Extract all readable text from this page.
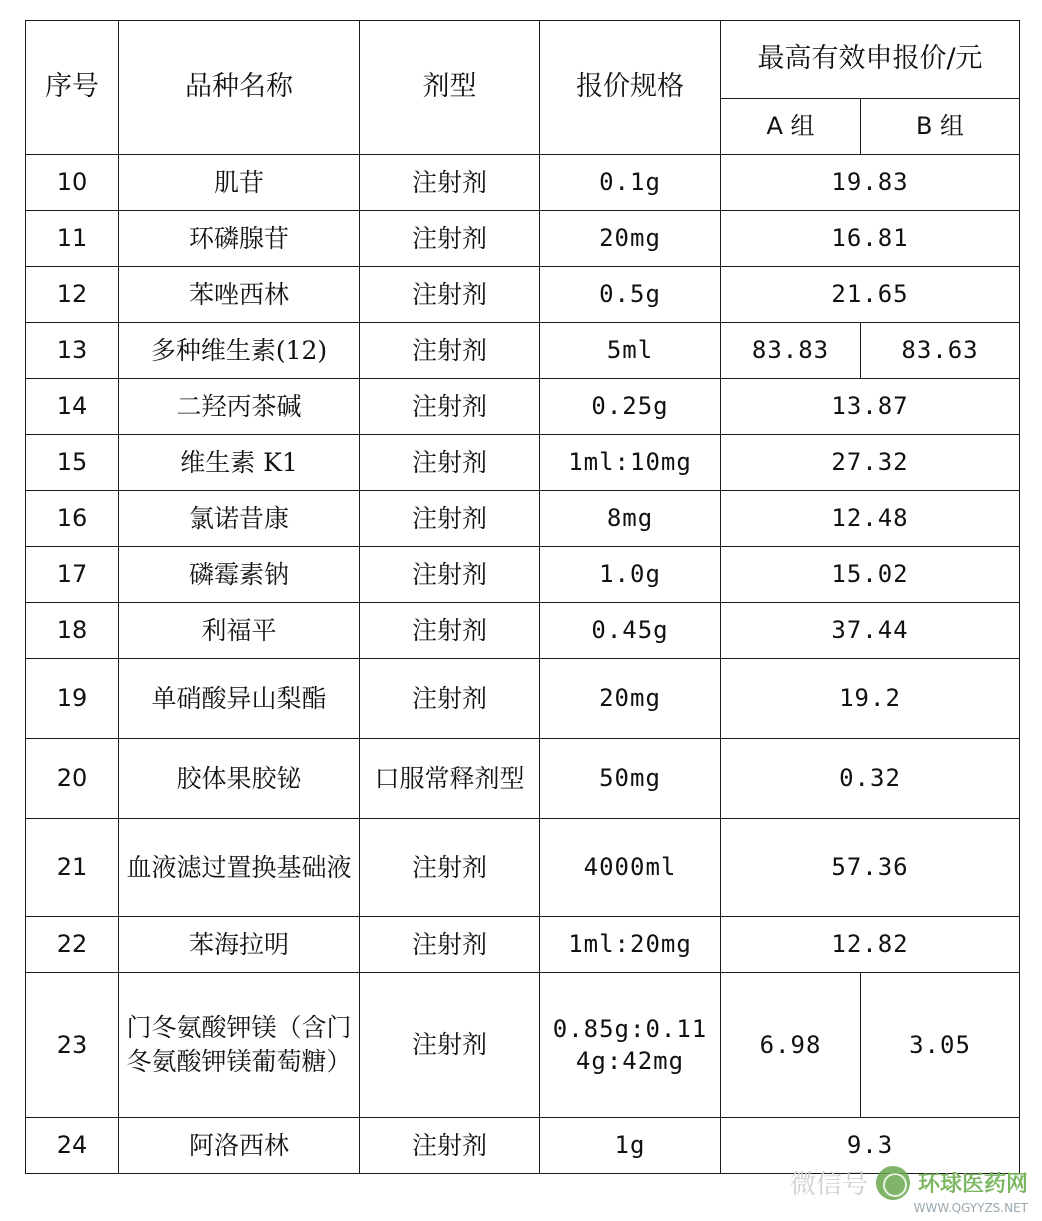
序号	品种名称	剂型	报价规格	最高有效申报价/元	
				A 组	B 组
10	肌苷	注射剂	0.1g	19.83	
11	环磷腺苷	注射剂	20mg	16.81	
12	苯唑西林	注射剂	0.5g	21.65	
13	多种维生素(12)	注射剂	5ml	83.83	83.63
14	二羟丙茶碱	注射剂	0.25g	13.87	
15	维生素 K1	注射剂	1ml:10mg	27.32	
16	氯诺昔康	注射剂	8mg	12.48	
17	磷霉素钠	注射剂	1.0g	15.02	
18	利福平	注射剂	0.45g	37.44	
19	单硝酸异山梨酯	注射剂	20mg	19.2	
20	胶体果胶铋	口服常释剂型	50mg	0.32	
21	血液滤过置换基础液	注射剂	4000ml	57.36	
22	苯海拉明	注射剂	1ml:20mg	12.82	
23	门冬氨酸钾镁（含门冬氨酸钾镁葡萄糖）	注射剂	0.85g:0.114g:42mg	6.98	3.05
24	阿洛西林	注射剂	1g	9.3	
微信号 环球医药网
WWW.QGYYZS.NET
